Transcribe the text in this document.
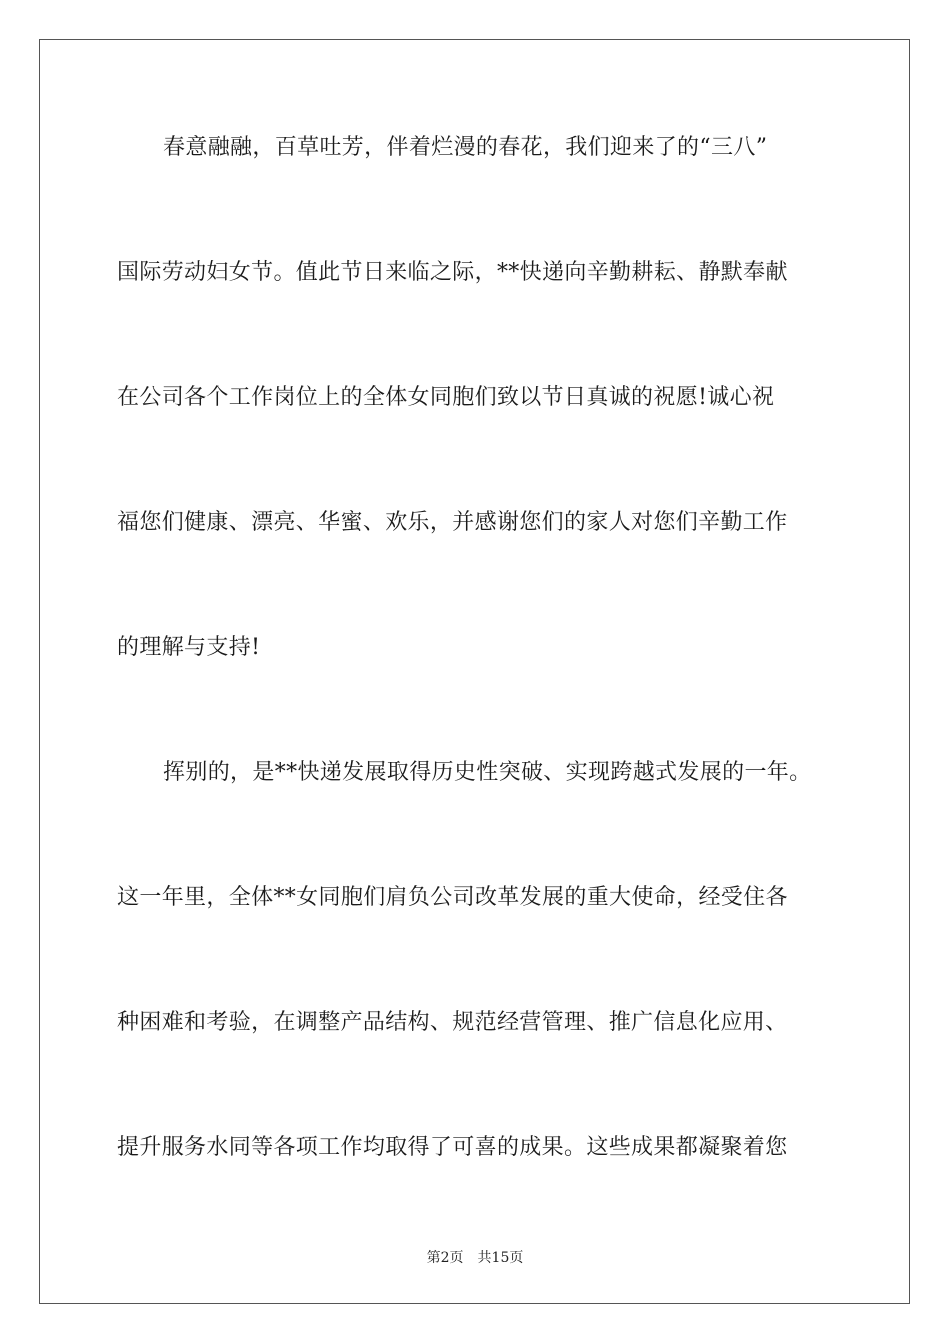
春意融融，百草吐芳，伴着烂漫的春花，我们迎来了的“三八”
国际劳动妇女节。值此节日来临之际，**快递向辛勤耕耘、静默奉献
在公司各个工作岗位上的全体女同胞们致以节日真诚的祝愿!诚心祝
福您们健康、漂亮、华蜜、欢乐，并感谢您们的家人对您们辛勤工作
的理解与支持!
挥别的，是**快递发展取得历史性突破、实现跨越式发展的一年。
这一年里，全体**女同胞们肩负公司改革发展的重大使命，经受住各
种困难和考验，在调整产品结构、规范经营管理、推广信息化应用、
提升服务水同等各项工作均取得了可喜的成果。这些成果都凝聚着您
第2页 共15页
